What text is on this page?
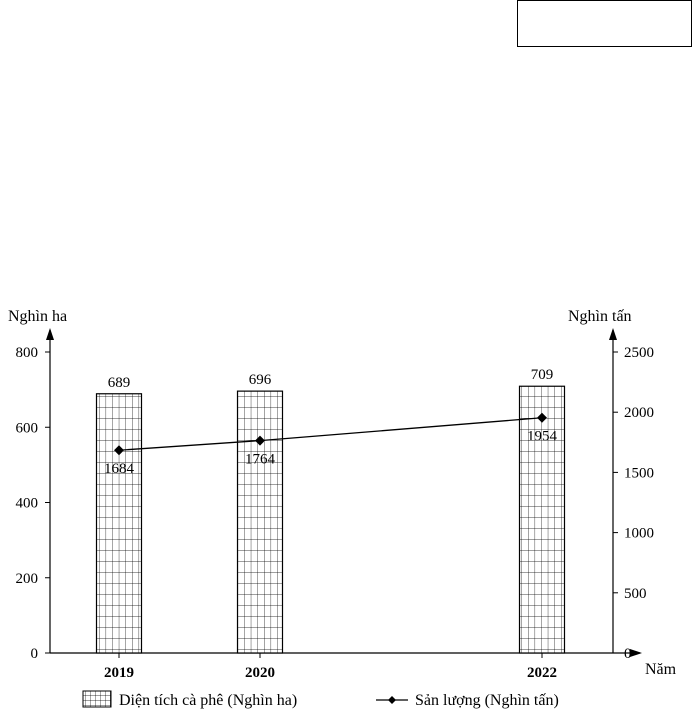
Nghìn ha	Nghìn tấn
Năm
0
200
400
600
800
0
500
1000
1500
2000
2500
2019	2020	2022
689	696	709
1684
1764
1954
Diện tích cà phê (Nghìn ha)	Sản lượng (Nghìn tấn)
